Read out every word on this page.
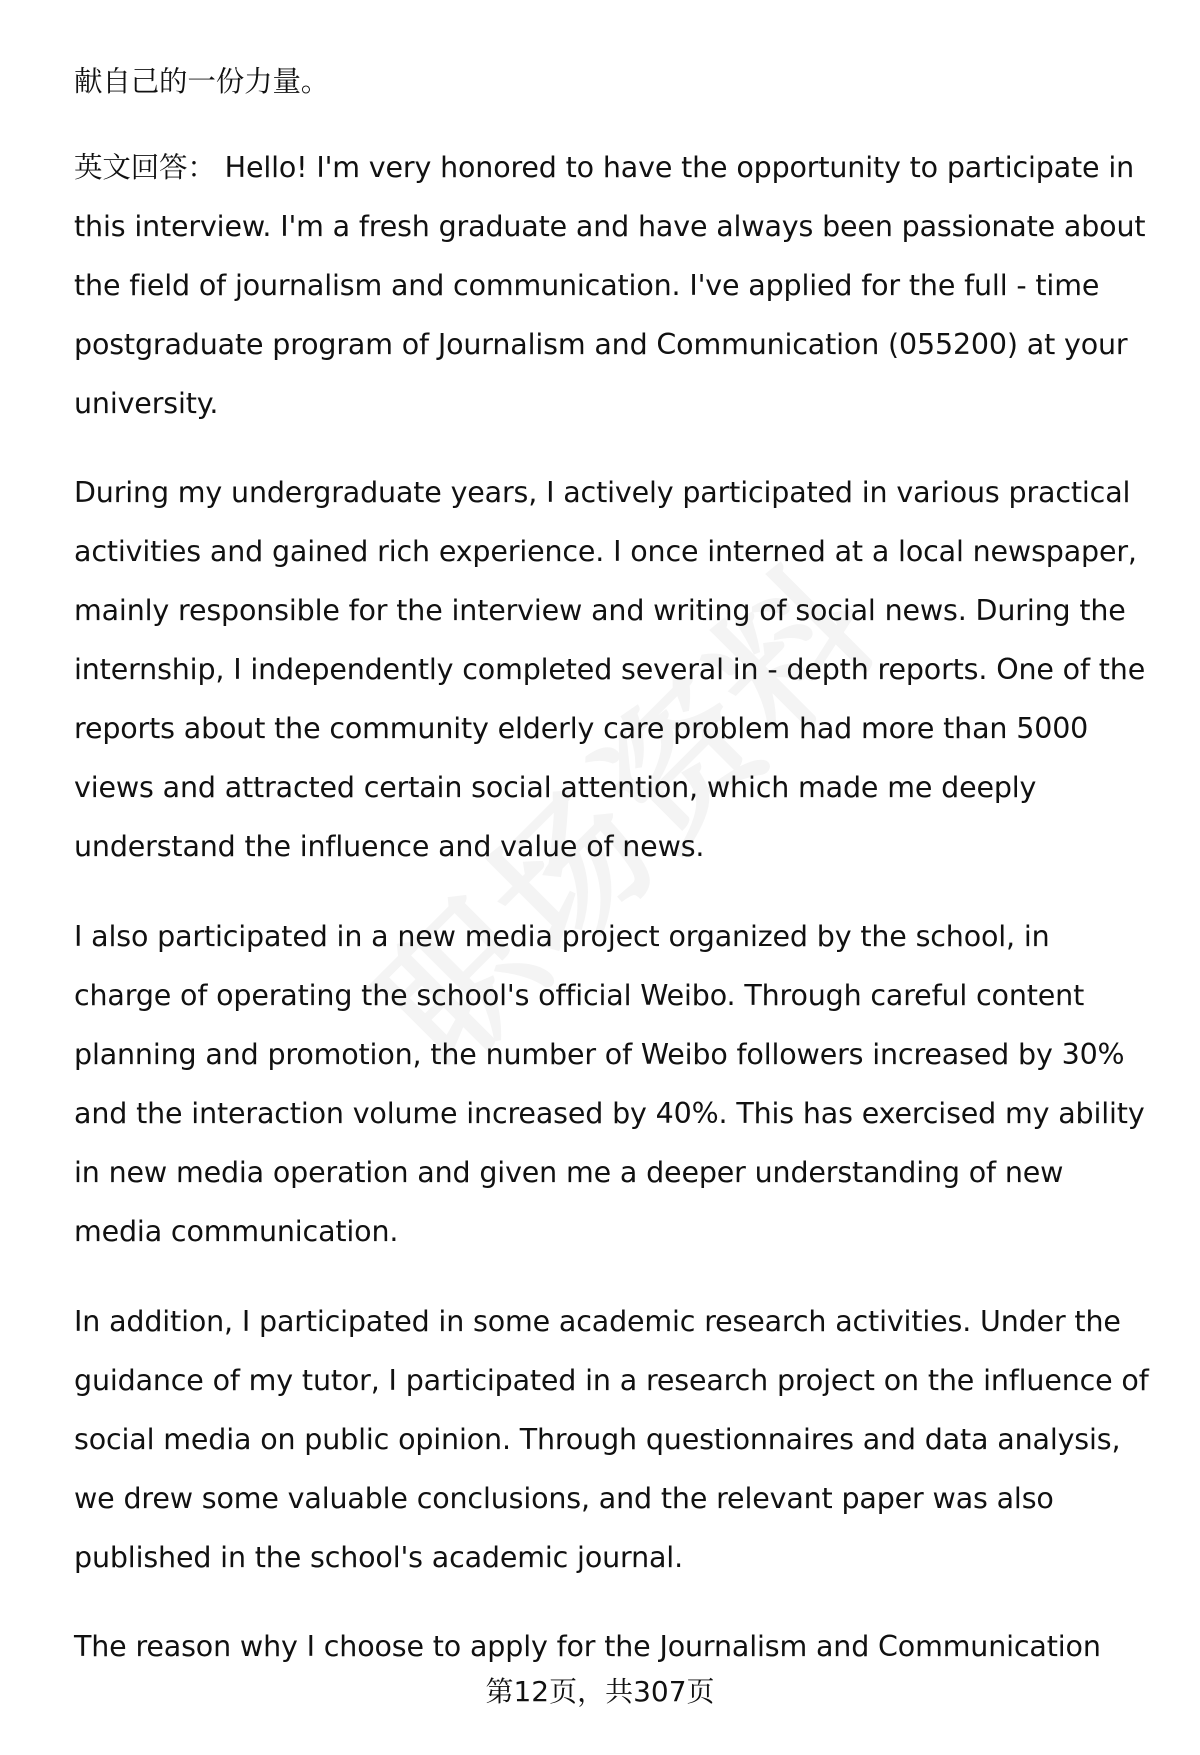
献自己的一份力量。
英文回答： Hello! I'm very honored to have the opportunity to participate in
this interview. I'm a fresh graduate and have always been passionate about
the field of journalism and communication. I've applied for the full - time
postgraduate program of Journalism and Communication (055200) at your
university.
During my undergraduate years, I actively participated in various practical
activities and gained rich experience. I once interned at a local newspaper,
mainly responsible for the interview and writing of social news. During the
internship, I independently completed several in - depth reports. One of the
reports about the community elderly care problem had more than 5000
views and attracted certain social attention, which made me deeply
understand the influence and value of news.
I also participated in a new media project organized by the school, in
charge of operating the school's official Weibo. Through careful content
planning and promotion, the number of Weibo followers increased by 30%
and the interaction volume increased by 40%. This has exercised my ability
in new media operation and given me a deeper understanding of new
media communication.
In addition, I participated in some academic research activities. Under the
guidance of my tutor, I participated in a research project on the influence of
social media on public opinion. Through questionnaires and data analysis,
we drew some valuable conclusions, and the relevant paper was also
published in the school's academic journal.
The reason why I choose to apply for the Journalism and Communication
第12页，共307页
